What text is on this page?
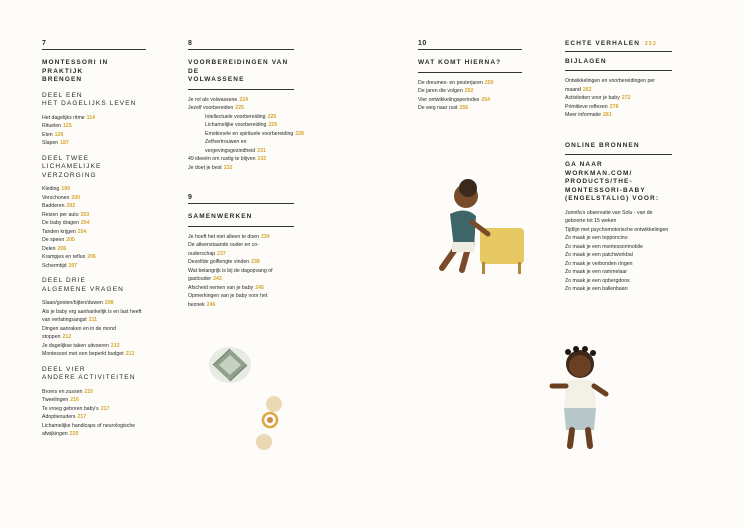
7
MONTESSORI IN PRAKTIJK
BRENGEN
DEEL EEN
HET DAGELIJKS LEVEN
Het dagelijks ritme 114
Rituelen 125
Eten 126
Slapen 187
DEEL TWEE
LICHAMELIJKE VERZORGING
Kleding 199
Verschonen 200
Badderen 202
Reizen per auto 203
De baby dragen 204
Tanden krijgen 204
De speen 205
Delen 206
Krampjes en reflux 206
Schermtijd 207
DEEL DRIE
ALGEMENE VRAGEN
Slaan/gooien/bijten/duwen 208
Als je baby erg aanhankelijk is en last heeft van verlatingsangst 211
Dingen aanraken en in de mond stoppen 212
Je dagelijkse taken uitvoeren 213
Montessori met een beperkt budget 213
DEEL VIER
ANDERE ACTIVITEITEN
Broers en zussen 215
Tweelingen 216
Te vroeg geboren baby’s 217
Adoptieouders 217
Lichamelijke handicaps of neurologische afwijkingen 220
8
VOORBEREIDINGEN VAN DE
VOLWASSENE
Je rol als volwassene 224
Jezelf voorbereiden 225
Intellectuele voorbereiding 225
Lichamelijke voorbereiding 226
Emotionele en spirituele voorbereiding 228
Zelfvertrouwen en
vergevingsgezindheid 231
49 ideeën om rustig te blijven 232
Je doet je best 232
9
SAMENWERKEN
Je hoeft het niet alleen te doen 234
De alleenstaande ouder en co-ouderschap 237
Dezelfde golflengte vinden 238
Wat belangrijk is bij de dagopvang of gastouder 243
Afscheid nemen van je baby 245
Opmerkingen van je baby voor het bezoek 246
10
WAT KOMT HIERNA?
De dreumes- en peuterjaren 250
De jaren die volgen 252
Vier ontwikkelingsperiodes 254
De weg naar rust 256
ECHTE VERHALEN 252
BIJLAGEN
Ontwikkelingen en voorbereidingen per maand 262
Activiteiten voor je baby 272
Primitieve reflexen 278
Meer informatie 281
ONLINE BRONNEN
GA NAAR WORKMAN.COM/ PRODUCTS/THE-MONTESSORI-BABY (ENGELSTALIG) VOOR:
Junnifa’s observatie van Solu - van de geboorte tot 15 weken
Tijdlijn met psychomotorische ontwikkelingen
Zo maak je een topponcino
Zo maak je een montessorimobile
Zo maak je een patchworkbal
Zo maak je verbonden ringen
Zo maak je een rammelaar
Zo maak je een opbergdoos
Zo maak je een ballenbaan
